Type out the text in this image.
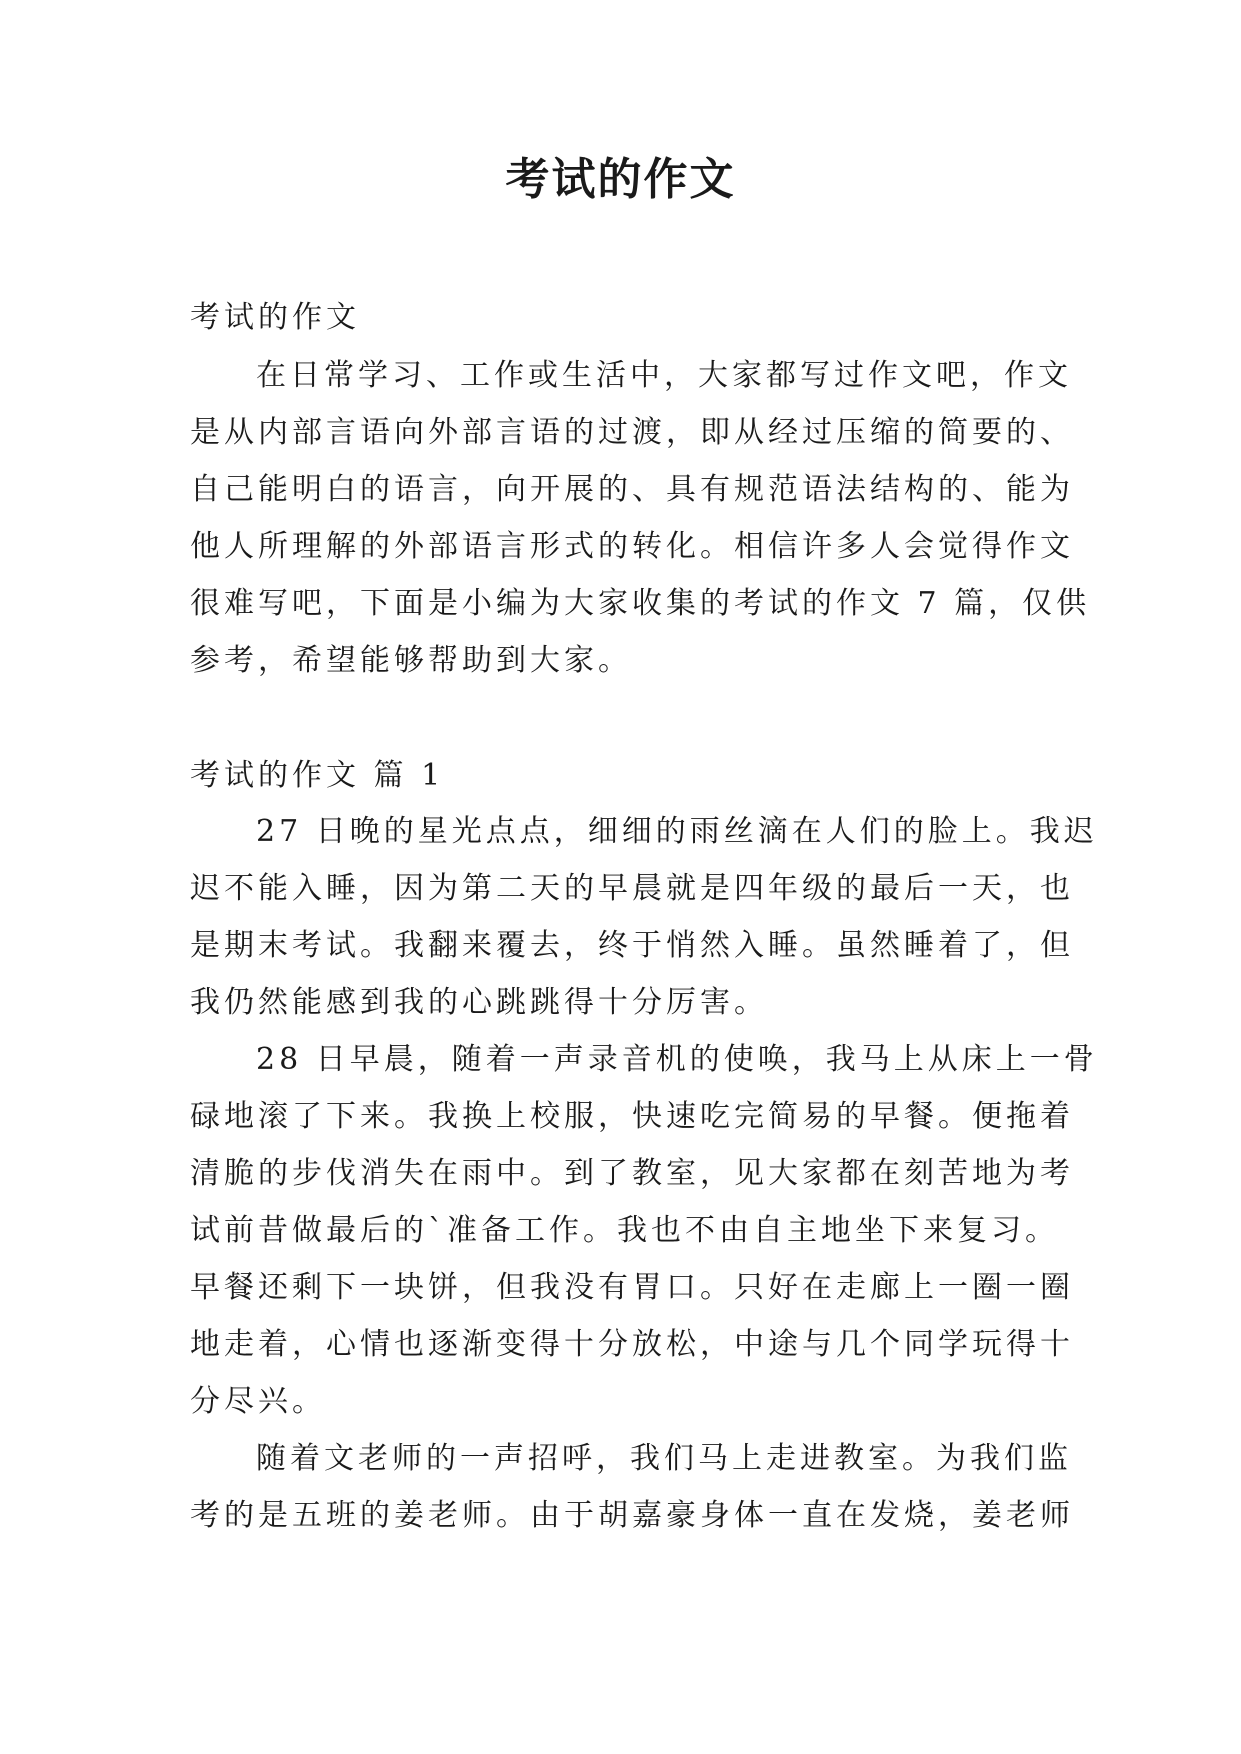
考试的作文

考试的作文

在日常学习、工作或生活中，大家都写过作文吧，作文

是从内部言语向外部言语的过渡，即从经过压缩的简要的、

自己能明白的语言，向开展的、具有规范语法结构的、能为

他人所理解的外部语言形式的转化。相信许多人会觉得作文

很难写吧，下面是小编为大家收集的考试的作文 7 篇，仅供

参考，希望能够帮助到大家。

考试的作文 篇 1

27 日晚的星光点点，细细的雨丝滴在人们的脸上。我迟

迟不能入睡，因为第二天的早晨就是四年级的最后一天，也

是期末考试。我翻来覆去，终于悄然入睡。虽然睡着了，但

我仍然能感到我的心跳跳得十分厉害。

28 日早晨，随着一声录音机的使唤，我马上从床上一骨

碌地滚了下来。我换上校服，快速吃完简易的早餐。便拖着

清脆的步伐消失在雨中。到了教室，见大家都在刻苦地为考

试前昔做最后的`准备工作。我也不由自主地坐下来复习。

早餐还剩下一块饼，但我没有胃口。只好在走廊上一圈一圈

地走着，心情也逐渐变得十分放松，中途与几个同学玩得十

分尽兴。

随着文老师的一声招呼，我们马上走进教室。为我们监

考的是五班的姜老师。由于胡嘉豪身体一直在发烧，姜老师
